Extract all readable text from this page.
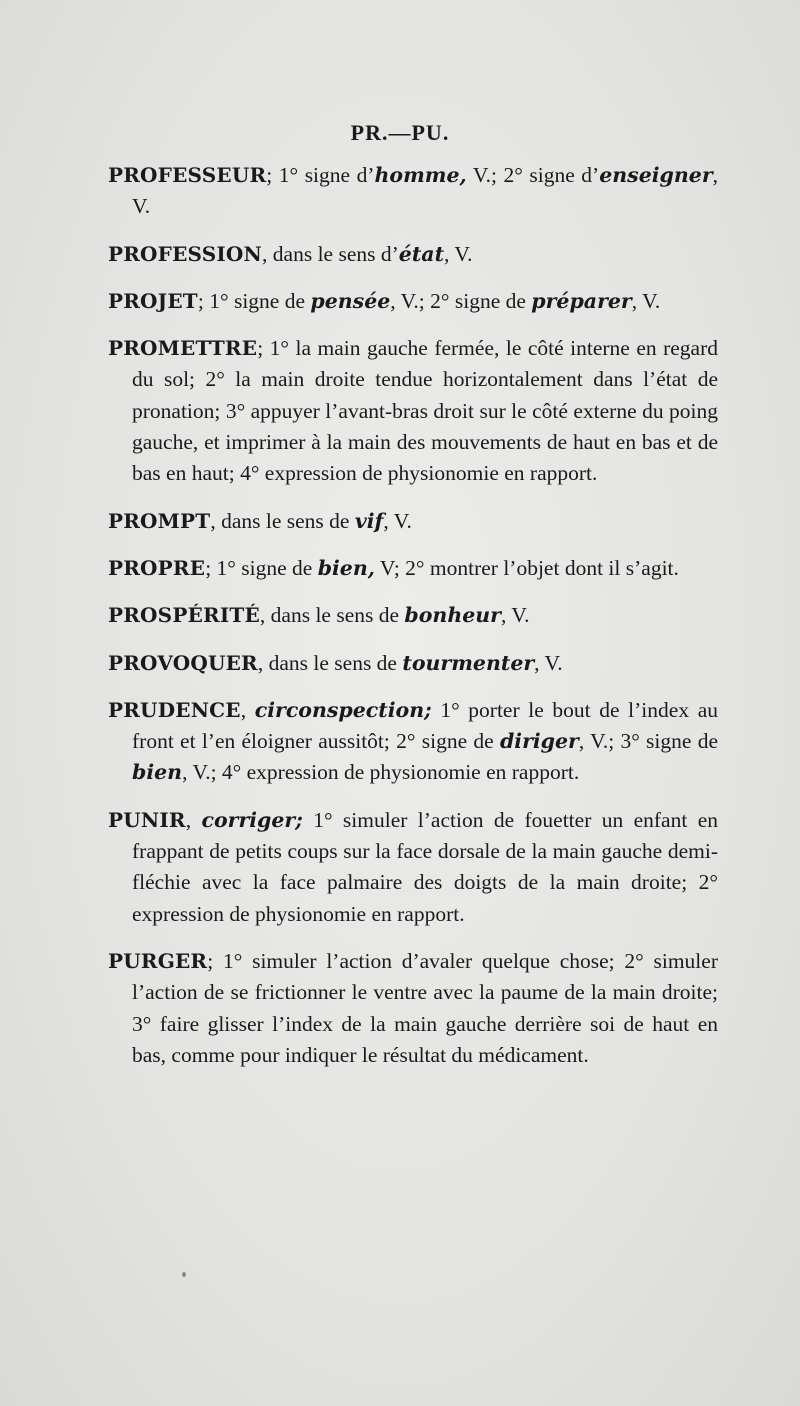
PR.—PU.

PROFESSEUR; 1° signe d’homme, V.; 2° signe d’enseigner, V.

PROFESSION, dans le sens d’état, V.

PROJET; 1° signe de pensée, V.; 2° signe de préparer, V.

PROMETTRE; 1° la main gauche fermée, le côté interne en regard du sol; 2° la main droite tendue horizontalement dans l’état de pronation; 3° appuyer l’avant-bras droit sur le côté externe du poing gauche, et imprimer à la main des mouvements de haut en bas et de bas en haut; 4° expression de physionomie en rapport.

PROMPT, dans le sens de vif, V.

PROPRE; 1° signe de bien, V; 2° montrer l’objet dont il s’agit.

PROSPÉRITÉ, dans le sens de bonheur, V.

PROVOQUER, dans le sens de tourmenter, V.

PRUDENCE, circonspection; 1° porter le bout de l’index au front et l’en éloigner aussitôt; 2° signe de diriger, V.; 3° signe de bien, V.; 4° expression de physionomie en rapport.

PUNIR, corriger; 1° simuler l’action de fouetter un enfant en frappant de petits coups sur la face dorsale de la main gauche demi-fléchie avec la face palmaire des doigts de la main droite; 2° expression de physionomie en rapport.

PURGER; 1° simuler l’action d’avaler quelque chose; 2° simuler l’action de se frictionner le ventre avec la paume de la main droite; 3° faire glisser l’index de la main gauche derrière soi de haut en bas, comme pour indiquer le résultat du médicament.
